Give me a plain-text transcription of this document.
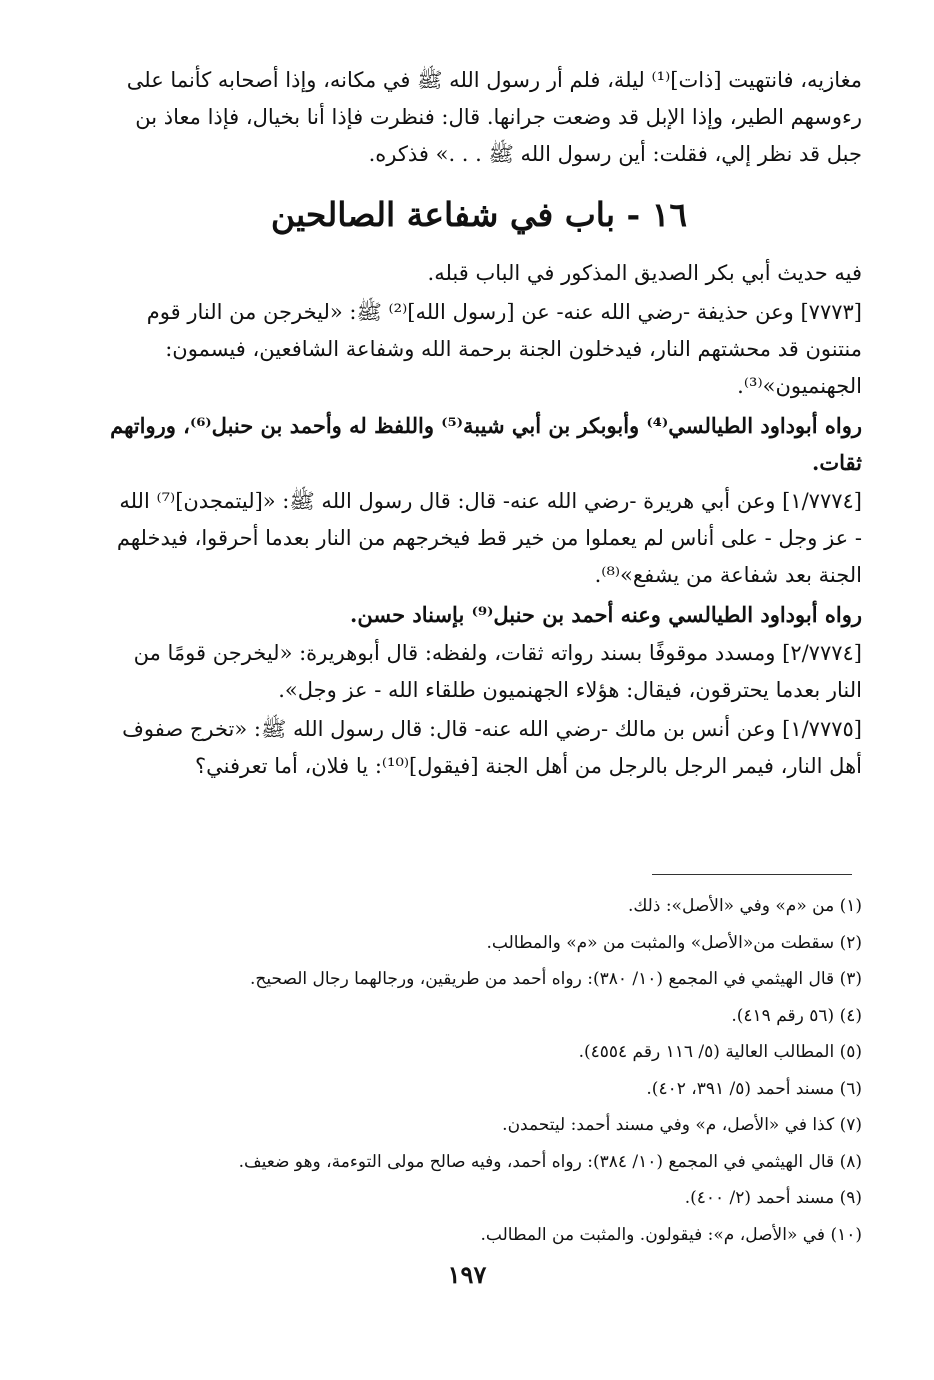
مغازيه، فانتهيت [ذات]⁽¹⁾ ليلة، فلم أر رسول الله ﷺ في مكانه، وإذا أصحابه كأنما على
رءوسهم الطير، وإذا الإبل قد وضعت جرانها. قال: فنظرت فإذا أنا بخيال، فإذا معاذ بن
جبل قد نظر إلي، فقلت: أين رسول الله ﷺ . . .» فذكره.
١٦ - باب في شفاعة الصالحين
فيه حديث أبي بكر الصديق المذكور في الباب قبله.
[٧٧٧٣] وعن حذيفة -رضي الله عنه- عن [رسول الله]⁽²⁾ ﷺ: «ليخرجن من النار قوم
منتنون قد محشتهم النار، فيدخلون الجنة برحمة الله وشفاعة الشافعين، فيسمون:
الجهنميون»⁽³⁾.
رواه أبوداود الطيالسي⁽⁴⁾ وأبوبكر بن أبي شيبة⁽⁵⁾ واللفظ له وأحمد بن حنبل⁽⁶⁾، ورواتهم
ثقات.
[١/٧٧٧٤] وعن أبي هريرة -رضي الله عنه- قال: قال رسول الله ﷺ: «[ليتمجدن]⁽⁷⁾ الله
- عز وجل - على أناس لم يعملوا من خير قط فيخرجهم من النار بعدما أحرقوا، فيدخلهم
الجنة بعد شفاعة من يشفع»⁽⁸⁾.
رواه أبوداود الطيالسي وعنه أحمد بن حنبل⁽⁹⁾ بإسناد حسن.
[٢/٧٧٧٤] ومسدد موقوفًا بسند رواته ثقات، ولفظه: قال أبوهريرة: «ليخرجن قومًا من
النار بعدما يحترقون، فيقال: هؤلاء الجهنميون طلقاء الله - عز وجل».
[١/٧٧٧٥] وعن أنس بن مالك -رضي الله عنه- قال: قال رسول الله ﷺ: «تخرج صفوف
أهل النار، فيمر الرجل بالرجل من أهل الجنة [فيقول]⁽¹⁰⁾: يا فلان، أما تعرفني؟
(١) من «م» وفي «الأصل»: ذلك.
(٢) سقطت من«الأصل» والمثبت من «م» والمطالب.
(٣) قال الهيثمي في المجمع (١٠/ ٣٨٠): رواه أحمد من طريقين، ورجالهما رجال الصحيح.
(٤) (٥٦ رقم ٤١٩).
(٥) المطالب العالية (٥/ ١١٦ رقم ٤٥٥٤).
(٦) مسند أحمد (٥/ ٣٩١، ٤٠٢).
(٧) كذا في «الأصل، م» وفي مسند أحمد: ليتحمدن.
(٨) قال الهيثمي في المجمع (١٠/ ٣٨٤): رواه أحمد، وفيه صالح مولى التوءمة، وهو ضعيف.
(٩) مسند أحمد (٢/ ٤٠٠).
(١٠) في «الأصل، م»: فيقولون. والمثبت من المطالب.
١٩٧
